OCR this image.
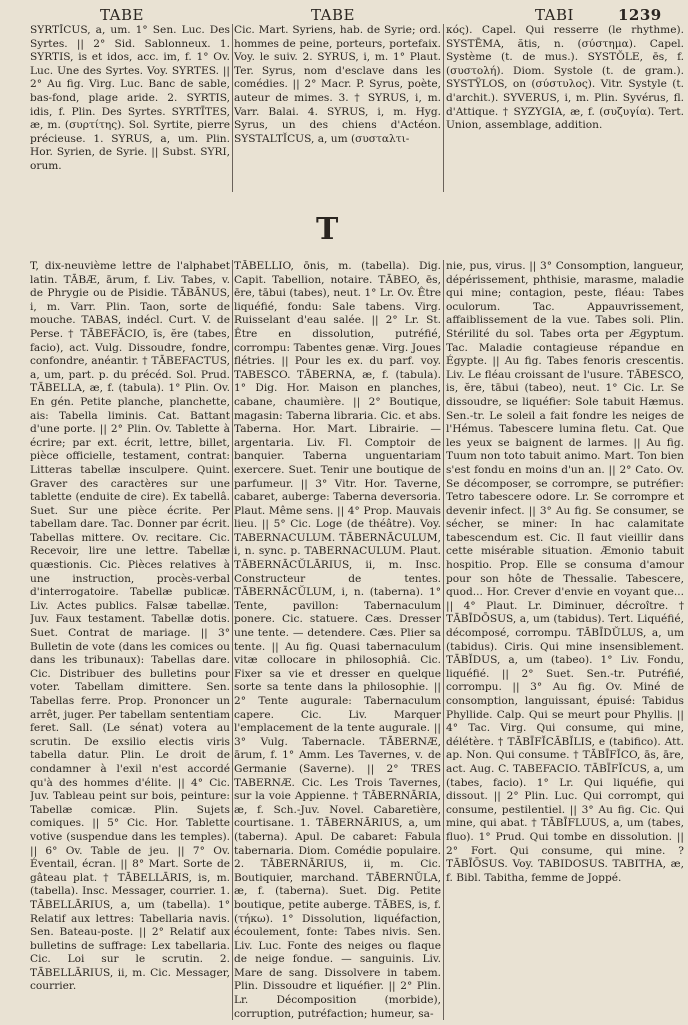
TABE	TABE	TABI	1239

SYRTĬCUS, a, um. 1° Sen. Luc. Des Syrtes. || 2° Sid. Sablonneux. 1. SYRTIS, is et idos, acc. im, f. 1° Ov. Luc. Une des Syrtes. Voy. SYRTES. || 2° Au fig. Virg. Luc. Banc de sable, bas-fond, plage aride. 2. SYRTIS, idis, f. Plin. Des Syrtes. SYRTĪTES, æ, m. (συρτίτης). Sol. Syrtite, pierre précieuse. 1. SYRUS, a, um. Plin. Hor. Syrien, de Syrie. || Subst. SYRI, orum.

Cic. Mart. Syriens, hab. de Syrie; ord. hommes de peine, porteurs, portefaix. Voy. le suiv. 2. SYRUS, i, m. 1° Plaut. Ter. Syrus, nom d'esclave dans les comédies. || 2° Macr. P. Syrus, poète, auteur de mimes. 3. † SYRUS, i, m. Varr. Balai. 4. SYRUS, i, m. Hyg. Syrus, un des chiens d'Actéon. SYSTALTĬCUS, a, um (συσταλτι-

κός). Capel. Qui resserre (le rhythme). SYSTĒMA, ătis, n. (σύστημα). Capel. Système (t. de mus.). SYSTŎLE, ēs, f. (συστολή). Diom. Systole (t. de gram.). SYSTŸLOS, on (σύστυλος). Vitr. Systyle (t. d'archit.). SYVERUS, i, m. Plin. Syvérus, fl. d'Attique. † SYZYGIA, æ, f. (συζυγία). Tert. Union, assemblage, addition.

T

T, dix-neuvième lettre de l'alphabet latin. TĀBÆ, ārum, f. Liv. Tabes, v. de Phrygie ou de Pisidie. TĀBĀNUS, i, m. Varr. Plin. Taon, sorte de mouche. TABAS, indécl. Curt. V. de Perse. † TĀBEFĂCIO, ĭs, ĕre (tabes, facio), act. Vulg. Dissoudre, fondre, confondre, anéantir. † TĀBEFACTUS, a, um, part. p. du précéd. Sol. Prud. TĀBELLA, æ, f. (tabula). 1° Plin. Ov. En gén. Petite planche, planchette, ais: Tabella liminis. Cat. Battant d'une porte. || 2° Plin. Ov. Tablette à écrire; par ext. écrit, lettre, billet, pièce officielle, testament, contrat: Litteras tabellæ insculpere. Quint. Graver des caractères sur une tablette (enduite de cire). Ex tabellâ. Suet. Sur une pièce écrite. Per tabellam dare. Tac. Donner par écrit. Tabellas mittere. Ov. recitare. Cic. Recevoir, lire une lettre. Tabellæ quæstionis. Cic. Pièces relatives à une instruction, procès-verbal d'interrogatoire. Tabellæ publicæ. Liv. Actes publics. Falsæ tabellæ. Juv. Faux testament. Tabellæ dotis. Suet. Contrat de mariage. || 3° Bulletin de vote (dans les comices ou dans les tribunaux): Tabellas dare. Cic. Distribuer des bulletins pour voter. Tabellam dimittere. Sen. Tabellas ferre. Prop. Prononcer un arrêt, juger. Per tabellam sententiam feret. Sall. (Le sénat) votera au scrutin. De exsilio electis viris tabella datur. Plin. Le droit de condamner à l'exil n'est accordé qu'à des hommes d'élite. || 4° Cic. Juv. Tableau peint sur bois, peinture: Tabellæ comicæ. Plin. Sujets comiques. || 5° Cic. Hor. Tablette votive (suspendue dans les temples). || 6° Ov. Table de jeu. || 7° Ov. Éventail, écran. || 8° Mart. Sorte de gâteau plat. † TĀBELLĀRIS, is, m. (tabella). Insc. Messager, courrier. 1. TĀBELLĀRIUS, a, um (tabella). 1° Relatif aux lettres: Tabellaria navis. Sen. Bateau-poste. || 2° Relatif aux bulletins de suffrage: Lex tabellaria. Cic. Loi sur le scrutin. 2. TĀBELLĀRIUS, ii, m. Cic. Messager, courrier.

TĀBELLIO, ōnis, m. (tabella). Dig. Capit. Tabellion, notaire. TĀBEO, ēs, ēre, tābui (tabes), neut. 1° Lr. Ov. Être liquéfié, fondu: Sale tabens. Virg. Ruisselant d'eau salée. || 2° Lr. St. Être en dissolution, putréfié, corrompu: Tabentes genæ. Virg. Joues flétries. || Pour les ex. du parf. voy. TABESCO. TĀBERNA, æ, f. (tabula). 1° Dig. Hor. Maison en planches, cabane, chaumière. || 2° Boutique, magasin: Taberna libraria. Cic. et abs. Taberna. Hor. Mart. Librairie. — argentaria. Liv. Fl. Comptoir de banquier. Taberna unguentariam exercere. Suet. Tenir une boutique de parfumeur. || 3° Vitr. Hor. Taverne, cabaret, auberge: Taberna deversoria. Plaut. Même sens. || 4° Prop. Mauvais lieu. || 5° Cic. Loge (de théâtre). Voy. TABERNACULUM. TĀBERNĀCULUM, i, n. sync. p. TABERNACULUM. Plaut. TĀBERNĀCŬLĀRIUS, ii, m. Insc. Constructeur de tentes. TĀBERNĀCŬLUM, i, n. (taberna). 1° Tente, pavillon: Tabernaculum ponere. Cic. statuere. Cæs. Dresser une tente. — detendere. Cæs. Plier sa tente. || Au fig. Quasi tabernaculum vitæ collocare in philosophiâ. Cic. Fixer sa vie et dresser en quelque sorte sa tente dans la philosophie. || 2° Tente augurale: Tabernaculum capere. Cic. Liv. Marquer l'emplacement de la tente augurale. || 3° Vulg. Tabernacle. TĀBERNÆ, ārum, f. 1° Amm. Les Tavernes, v. de Germanie (Saverne). || 2° TRES TABERNÆ. Cic. Les Trois Tavernes, sur la voie Appienne. † TĀBERNĀRIA, æ, f. Sch.-Juv. Novel. Cabaretière, courtisane. 1. TĀBERNĀRIUS, a, um (taberna). Apul. De cabaret: Fabula tabernaria. Diom. Comédie populaire. 2. TĀBERNĀRIUS, ii, m. Cic. Boutiquier, marchand. TĀBERNŬLA, æ, f. (taberna). Suet. Dig. Petite boutique, petite auberge. TĀBES, is, f. (τήκω). 1° Dissolution, liquéfaction, écoulement, fonte: Tabes nivis. Sen. Liv. Luc. Fonte des neiges ou flaque de neige fondue. — sanguinis. Liv. Mare de sang. Dissolvere in tabem. Plin. Dissoudre et liquéfier. || 2° Plin. Lr. Décomposition (morbide), corruption, putréfaction; humeur, sa-

nie, pus, virus. || 3° Consomption, langueur, dépérissement, phthisie, marasme, maladie qui mine; contagion, peste, fléau: Tabes oculorum. Tac. Appauvrissement, affaiblissement de la vue. Tabes soli. Plin. Stérilité du sol. Tabes orta per Ægyptum. Tac. Maladie contagieuse répandue en Égypte. || Au fig. Tabes fenoris crescentis. Liv. Le fléau croissant de l'usure. TĀBESCO, is, ĕre, tābui (tabeo), neut. 1° Cic. Lr. Se dissoudre, se liquéfier: Sole tabuit Hæmus. Sen.-tr. Le soleil a fait fondre les neiges de l'Hémus. Tabescere lumina fletu. Cat. Que les yeux se baignent de larmes. || Au fig. Tuum non toto tabuit animo. Mart. Ton bien s'est fondu en moins d'un an. || 2° Cato. Ov. Se décomposer, se corrompre, se putréfier: Tetro tabescere odore. Lr. Se corrompre et devenir infect. || 3° Au fig. Se consumer, se sécher, se miner: In hac calamitate tabescendum est. Cic. Il faut vieillir dans cette misérable situation. Æmonio tabuit hospitio. Prop. Elle se consuma d'amour pour son hôte de Thessalie. Tabescere, quod... Hor. Crever d'envie en voyant que... || 4° Plaut. Lr. Diminuer, décroître. † TĀBĪDŌSUS, a, um (tabidus). Tert. Liquéfié, décomposé, corrompu. TĀBĪDŬLUS, a, um (tabidus). Ciris. Qui mine insensiblement. TĀBĬDUS, a, um (tabeo). 1° Liv. Fondu, liquéfié. || 2° Suet. Sen.-tr. Putréfié, corrompu. || 3° Au fig. Ov. Miné de consomption, languissant, épuisé: Tabidus Phyllide. Calp. Qui se meurt pour Phyllis. || 4° Tac. Virg. Qui consume, qui mine, délétère. † TĀBĪFĬCĀBĬLIS, e (tabifico). Att. ap. Non. Qui consume. † TĀBĪFĬCO, ās, āre, act. Aug. C. TABEFACIO. TĀBĪFĬCUS, a, um (tabes, facio). 1° Lr. Qui liquéfie, qui dissout. || 2° Plin. Luc. Qui corrompt, qui consume, pestilentiel. || 3° Au fig. Cic. Qui mine, qui abat. † TĀBĪFLUUS, a, um (tabes, fluo). 1° Prud. Qui tombe en dissolution. || 2° Fort. Qui consume, qui mine. ? TĀBĪŌSUS. Voy. TABIDOSUS. TABITHA, æ, f. Bibl. Tabitha, femme de Joppé.
